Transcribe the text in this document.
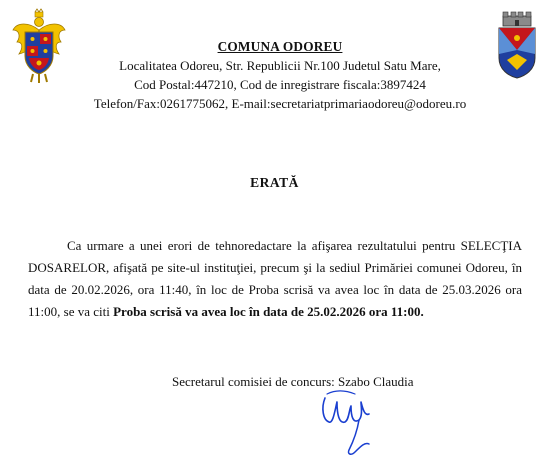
COMUNA ODOREU
Localitatea Odoreu, Str. Republicii Nr.100 Judetul Satu Mare,
Cod Postal:447210, Cod de inregistrare fiscala:3897424
Telefon/Fax:0261775062, E-mail:secretariatprimariaodoreu@odoreu.ro
ERATĂ

Ca urmare a unei erori de tehnoredactare la afişarea rezultatului pentru SELECŢIA DOSARELOR, afişată pe site-ul instituţiei, precum şi la sediul Primăriei comunei Odoreu, în data de 20.02.2026, ora 11:40, în loc de Proba scrisă va avea loc în data de 25.03.2026 ora 11:00, se va citi Proba scrisă va avea loc în data de 25.02.2026 ora 11:00.

Secretarul comisiei de concurs: Szabo Claudia
